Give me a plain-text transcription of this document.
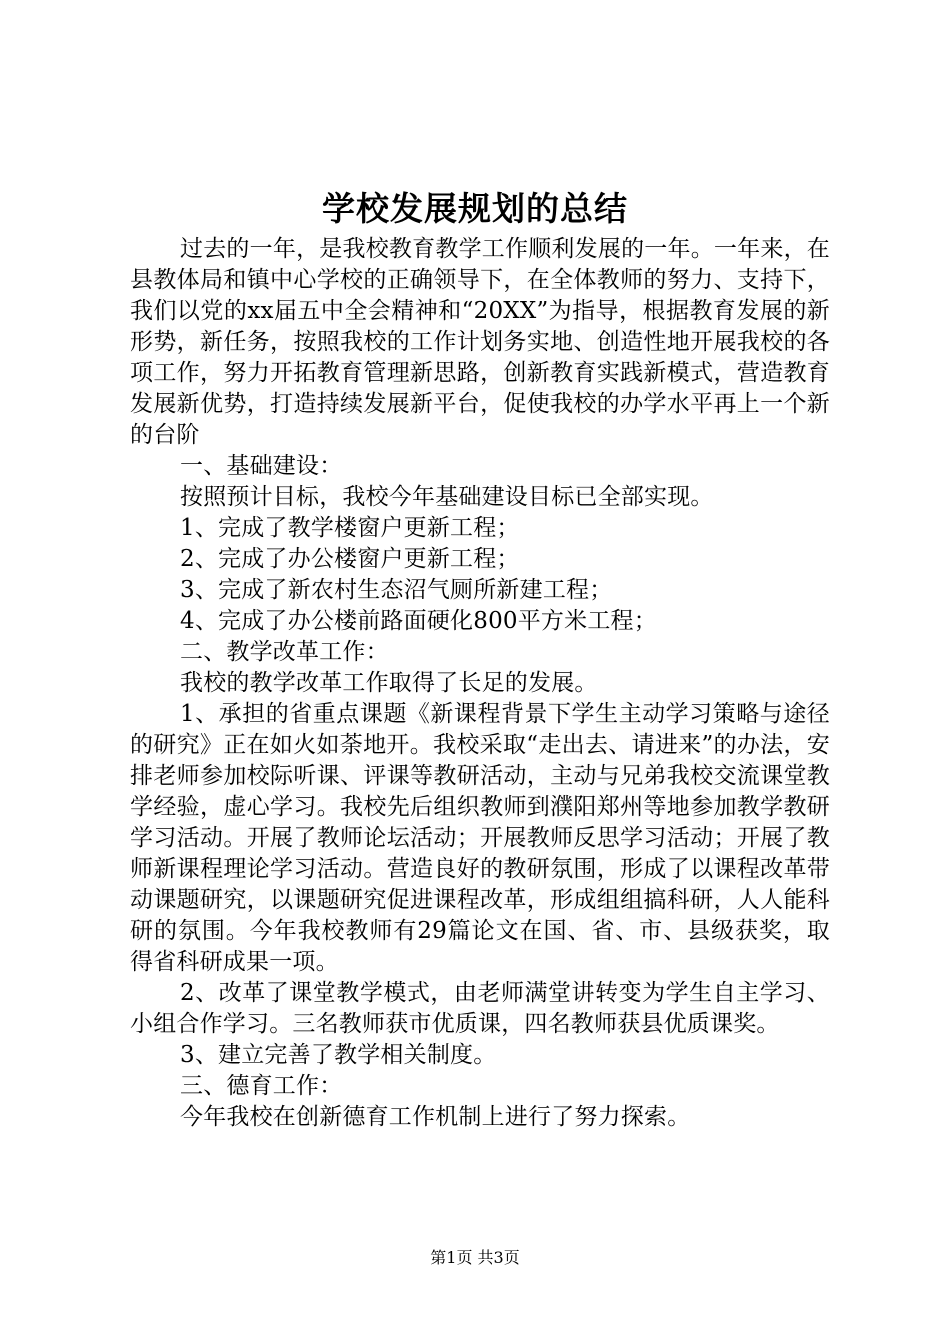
学校发展规划的总结

过去的一年，是我校教育教学工作顺利发展的一年。一年来，在县教体局和镇中心学校的正确领导下，在全体教师的努力、支持下，我们以党的xx届五中全会精神和“20XX”为指导，根据教育发展的新形势，新任务，按照我校的工作计划务实地、创造性地开展我校的各项工作，努力开拓教育管理新思路，创新教育实践新模式，营造教育发展新优势，打造持续发展新平台，促使我校的办学水平再上一个新的台阶

一、基础建设：

按照预计目标，我校今年基础建设目标已全部实现。

1、完成了教学楼窗户更新工程；

2、完成了办公楼窗户更新工程；

3、完成了新农村生态沼气厕所新建工程；

4、完成了办公楼前路面硬化800平方米工程；

二、教学改革工作：

我校的教学改革工作取得了长足的发展。

1、承担的省重点课题《新课程背景下学生主动学习策略与途径的研究》正在如火如荼地开。我校采取“走出去、请进来”的办法，安排老师参加校际听课、评课等教研活动，主动与兄弟我校交流课堂教学经验，虚心学习。我校先后组织教师到濮阳郑州等地参加教学教研学习活动。开展了教师论坛活动；开展教师反思学习活动；开展了教师新课程理论学习活动。营造良好的教研氛围，形成了以课程改革带动课题研究，以课题研究促进课程改革，形成组组搞科研，人人能科研的氛围。今年我校教师有29篇论文在国、省、市、县级获奖，取得省科研成果一项。

2、改革了课堂教学模式，由老师满堂讲转变为学生自主学习、小组合作学习。三名教师获市优质课，四名教师获县优质课奖。

3、建立完善了教学相关制度。

三、德育工作：

今年我校在创新德育工作机制上进行了努力探索。

第1页 共3页
